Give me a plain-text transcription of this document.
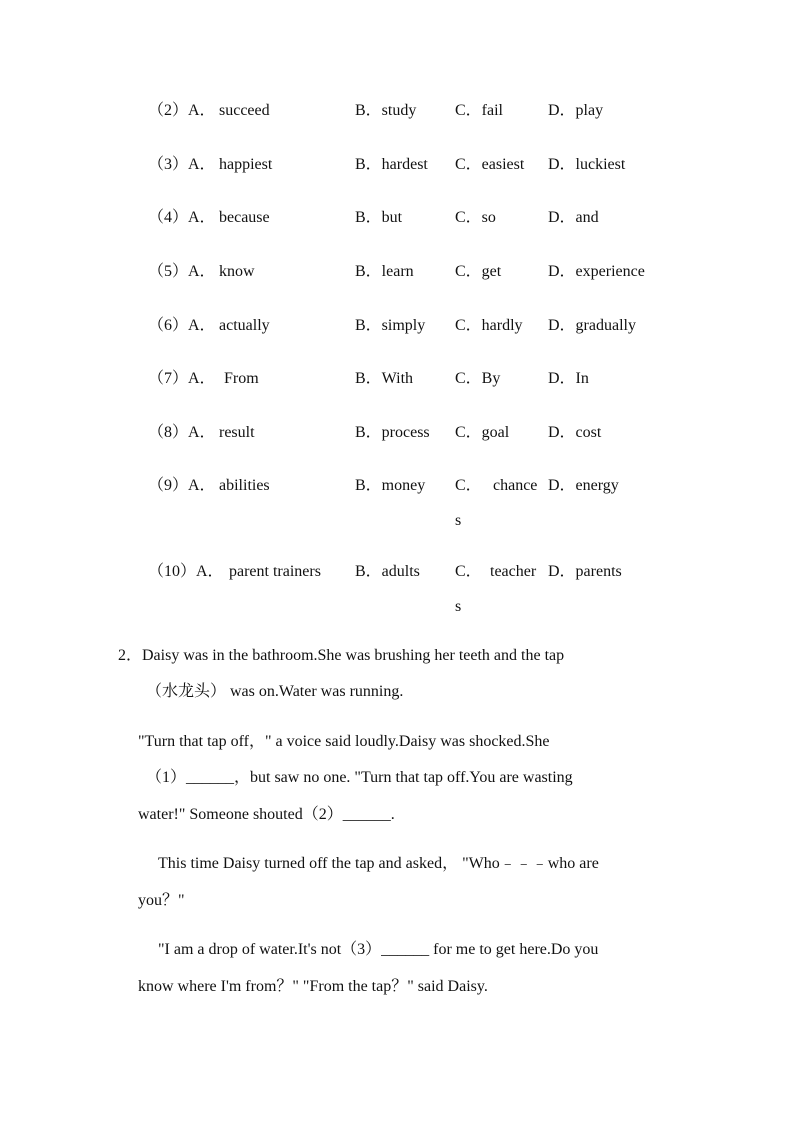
（2）A． succeed	B．study C．fail	D．play
（3）A． happiest	B．hardest C．easiest D．luckiest
（4）A． because	B．but	C．so	D．and
（5）A． know	B．learn	C．get	D．experience
（6）A． actually	B．simply C．hardly D．gradually
（7）A． From	B．With	C．By	D．In
（8）A． result	B．process C．goal D．cost
（9）A． abilities	B．money C． chance
s
D．energy
（10）A． parent trainers B．adults C． teacher
s
D．parents
2．Daisy was in the bathroom.She was brushing her teeth and the tap
（水龙头） was on.Water was running.
"Turn that tap off，" a voice said loudly.Daisy was shocked.She
（1）______，but saw no one. "Turn that tap off.You are wasting
water!" Someone shouted（2）______.
This time Daisy turned off the tap and asked， "Who﹣﹣﹣who are
you？"
"I am a drop of water.It's not（3）______ for me to get here.Do you
know where I'm from？" "From the tap？" said Daisy.
